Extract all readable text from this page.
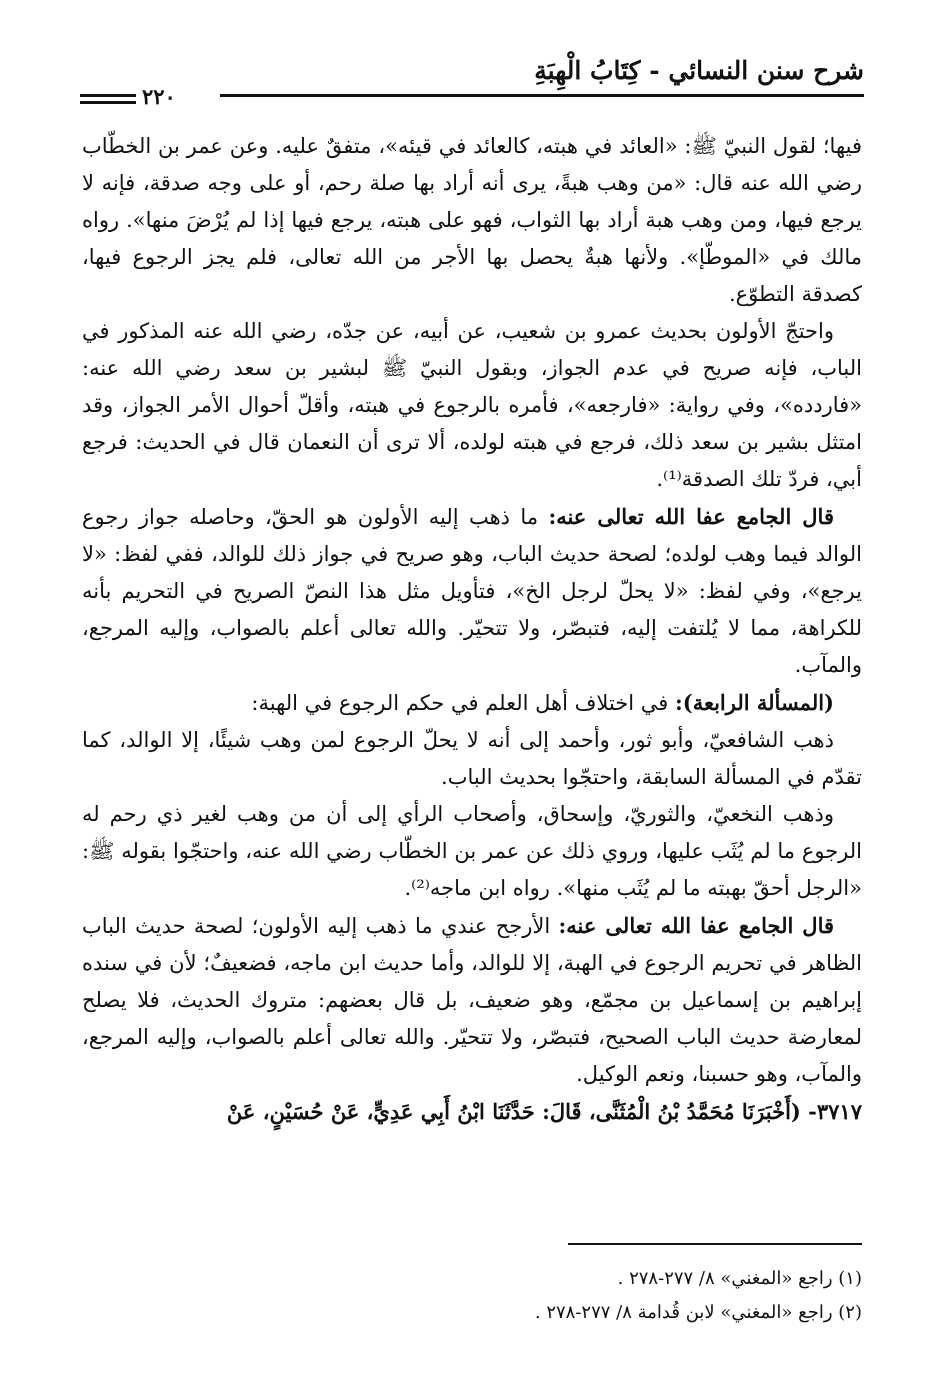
شرح سنن النسائي - كِتَابُ الْهِبَةِ
٢٢٠

فيها؛ لقول النبيّ ﷺ: «العائد في هبته، كالعائد في قيئه»، متفقٌ عليه. وعن عمر بن الخطّاب رضي الله عنه قال: «من وهب هبةً، يرى أنه أراد بها صلة رحم، أو على وجه صدقة، فإنه لا يرجع فيها، ومن وهب هبة أراد بها الثواب، فهو على هبته، يرجع فيها إذا لم يُرْضَ منها». رواه مالك في «الموطّإ». ولأنها هبةٌ يحصل بها الأجر من الله تعالى، فلم يجز الرجوع فيها، كصدقة التطوّع.

واحتجّ الأولون بحديث عمرو بن شعيب، عن أبيه، عن جدّه، رضي الله عنه المذكور في الباب، فإنه صريح في عدم الجواز، وبقول النبيّ ﷺ لبشير بن سعد رضي الله عنه: «فاردده»، وفي رواية: «فارجعه»، فأمره بالرجوع في هبته، وأقلّ أحوال الأمر الجواز، وقد امتثل بشير بن سعد ذلك، فرجع في هبته لولده، ألا ترى أن النعمان قال في الحديث: فرجع أبي، فردّ تلك الصدقة⁽¹⁾.

قال الجامع عفا الله تعالى عنه: ما ذهب إليه الأولون هو الحقّ، وحاصله جواز رجوع الوالد فيما وهب لولده؛ لصحة حديث الباب، وهو صريح في جواز ذلك للوالد، ففي لفظ: «لا يرجع»، وفي لفظ: «لا يحلّ لرجل الخ»، فتأويل مثل هذا النصّ الصريح في التحريم بأنه للكراهة، مما لا يُلتفت إليه، فتبصّر، ولا تتحيّر. والله تعالى أعلم بالصواب، وإليه المرجع، والمآب.

(المسألة الرابعة): في اختلاف أهل العلم في حكم الرجوع في الهبة:

ذهب الشافعيّ، وأبو ثور، وأحمد إلى أنه لا يحلّ الرجوع لمن وهب شيئًا، إلا الوالد، كما تقدّم في المسألة السابقة، واحتجّوا بحديث الباب.

وذهب النخعيّ، والثوريّ، وإسحاق، وأصحاب الرأي إلى أن من وهب لغير ذي رحم له الرجوع ما لم يُثَب عليها، وروي ذلك عن عمر بن الخطّاب رضي الله عنه، واحتجّوا بقوله ﷺ: «الرجل أحقّ بهبته ما لم يُثَب منها». رواه ابن ماجه⁽²⁾.

قال الجامع عفا الله تعالى عنه: الأرجح عندي ما ذهب إليه الأولون؛ لصحة حديث الباب الظاهر في تحريم الرجوع في الهبة، إلا للوالد، وأما حديث ابن ماجه، فضعيفٌ؛ لأن في سنده إبراهيم بن إسماعيل بن مجمّع، وهو ضعيف، بل قال بعضهم: متروك الحديث، فلا يصلح لمعارضة حديث الباب الصحيح، فتبصّر، ولا تتحيّر. والله تعالى أعلم بالصواب، وإليه المرجع، والمآب، وهو حسبنا، ونعم الوكيل.

٣٧١٧- (أَخْبَرَنَا مُحَمَّدُ بْنُ الْمُثَنَّى، قَالَ: حَدَّثَنَا ابْنُ أَبِي عَدِيٍّ، عَنْ حُسَيْنٍ، عَنْ

(١) راجع «المغني» ٨/ ٢٧٧-٢٧٨ .

(٢) راجع «المغني» لابن قُدامة ٨/ ٢٧٧-٢٧٨ .
